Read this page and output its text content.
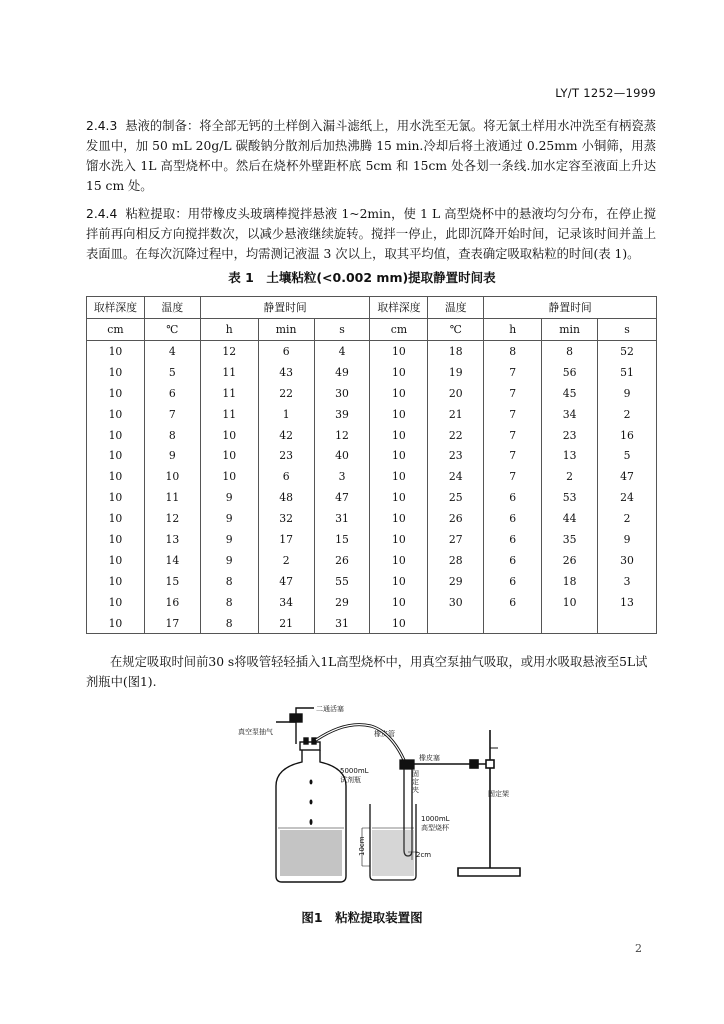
LY/T 1252—1999
2.4.3 悬液的制备：将全部无钙的土样倒入漏斗滤纸上，用水洗至无氯。将无氯土样用水冲洗至有柄瓷蒸发皿中，加 50 mL 20g/L 碳酸钠分散剂后加热沸腾 15 min.冷却后将土液通过 0.25mm 小铜筛，用蒸馏水洗入 1L 高型烧杯中。然后在烧杯外壁距杯底 5cm 和 15cm 处各划一条线.加水定容至液面上升达 15 cm 处。
2.4.4 粘粒提取：用带橡皮头玻璃棒搅拌悬液 1~2min，使 1 L 高型烧杯中的悬液均匀分布，在停止搅拌前再向相反方向搅拌数次，以减少悬液继续旋转。搅拌一停止，此即沉降开始时间，记录该时间并盖上表面皿。在每次沉降过程中，均需测记液温 3 次以上，取其平均值，查表确定吸取粘粒的时间(表 1)。
表 1　土壤粘粒(<0.002 mm)提取静置时间表
取样深度	温度	静置时间			取样深度	温度	静置时间		
cm	℃	h	min	s	cm	℃	h	min	s
10	4	12	6	4	10	18	8	8	52
10	5	11	43	49	10	19	7	56	51
10	6	11	22	30	10	20	7	45	9
10	7	11	1	39	10	21	7	34	2
10	8	10	42	12	10	22	7	23	16
10	9	10	23	40	10	23	7	13	5
10	10	10	6	3	10	24	7	2	47
10	11	9	48	47	10	25	6	53	24
10	12	9	32	31	10	26	6	44	2
10	13	9	17	15	10	27	6	35	9
10	14	9	2	26	10	28	6	26	30
10	15	8	47	55	10	29	6	18	3
10	16	8	34	29	10	30	6	10	13
10	17	8	21	31	10				
在规定吸取时间前30 s将吸管轻轻插入1L高型烧杯中，用真空泵抽气吸取，或用水吸取悬液至5L试剂瓶中(图1).
二通活塞
真空泵抽气	橡皮管
橡皮塞
5000mL
试剂瓶
固
定
夹	固定架
1000mL
高型烧杯
10cm	2cm
图1　粘粒提取装置图
2
